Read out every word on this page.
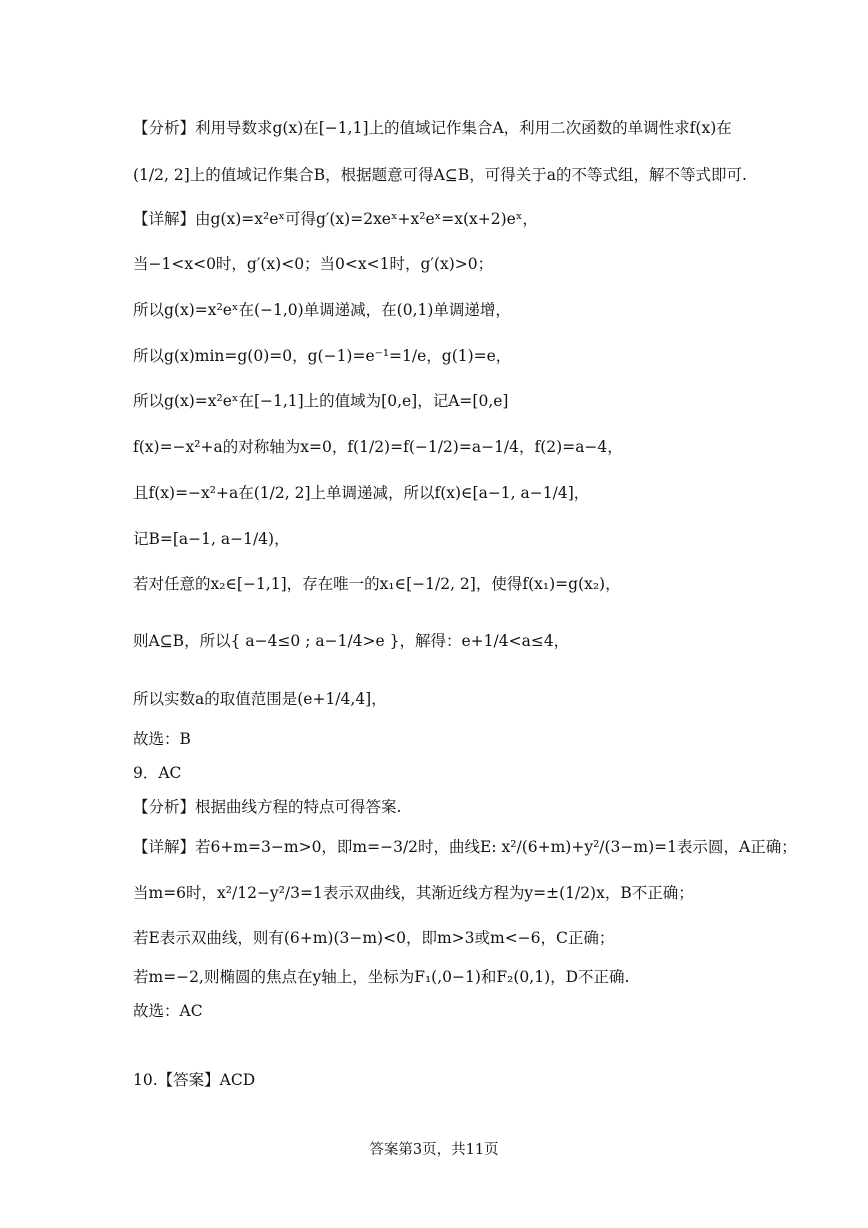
【分析】利用导数求g(x)在[−1,1]上的值域记作集合A，利用二次函数的单调性求f(x)在
(1/2, 2]上的值域记作集合B，根据题意可得A⊆B，可得关于a的不等式组，解不等式即可.
【详解】由g(x)=x²eˣ可得g′(x)=2xeˣ+x²eˣ=x(x+2)eˣ，
当−1<x<0时，g′(x)<0；当0<x<1时，g′(x)>0；
所以g(x)=x²eˣ在(−1,0)单调递减，在(0,1)单调递增，
所以g(x)min=g(0)=0，g(−1)=e⁻¹=1/e，g(1)=e，
所以g(x)=x²eˣ在[−1,1]上的值域为[0,e]，记A=[0,e]
f(x)=−x²+a的对称轴为x=0，f(1/2)=f(−1/2)=a−1/4，f(2)=a−4，
且f(x)=−x²+a在(1/2, 2]上单调递减，所以f(x)∈[a−1, a−1/4]，
记B=[a−1, a−1/4)，
若对任意的x₂∈[−1,1]，存在唯一的x₁∈[−1/2, 2]，使得f(x₁)=g(x₂)，
则A⊆B，所以{ a−4≤0 ; a−1/4>e }，解得：e+1/4<a≤4，
所以实数a的取值范围是(e+1/4,4]，
故选：B
9．AC
【分析】根据曲线方程的特点可得答案.
【详解】若6+m=3−m>0，即m=−3/2时，曲线E: x²/(6+m)+y²/(3−m)=1表示圆，A正确；
当m=6时，x²/12−y²/3=1表示双曲线，其渐近线方程为y=±(1/2)x，B不正确；
若E表示双曲线，则有(6+m)(3−m)<0，即m>3或m<−6，C正确；
若m=−2,则椭圆的焦点在y轴上，坐标为F₁(,0−1)和F₂(0,1)，D不正确.
故选：AC
10.【答案】ACD
答案第3页，共11页
